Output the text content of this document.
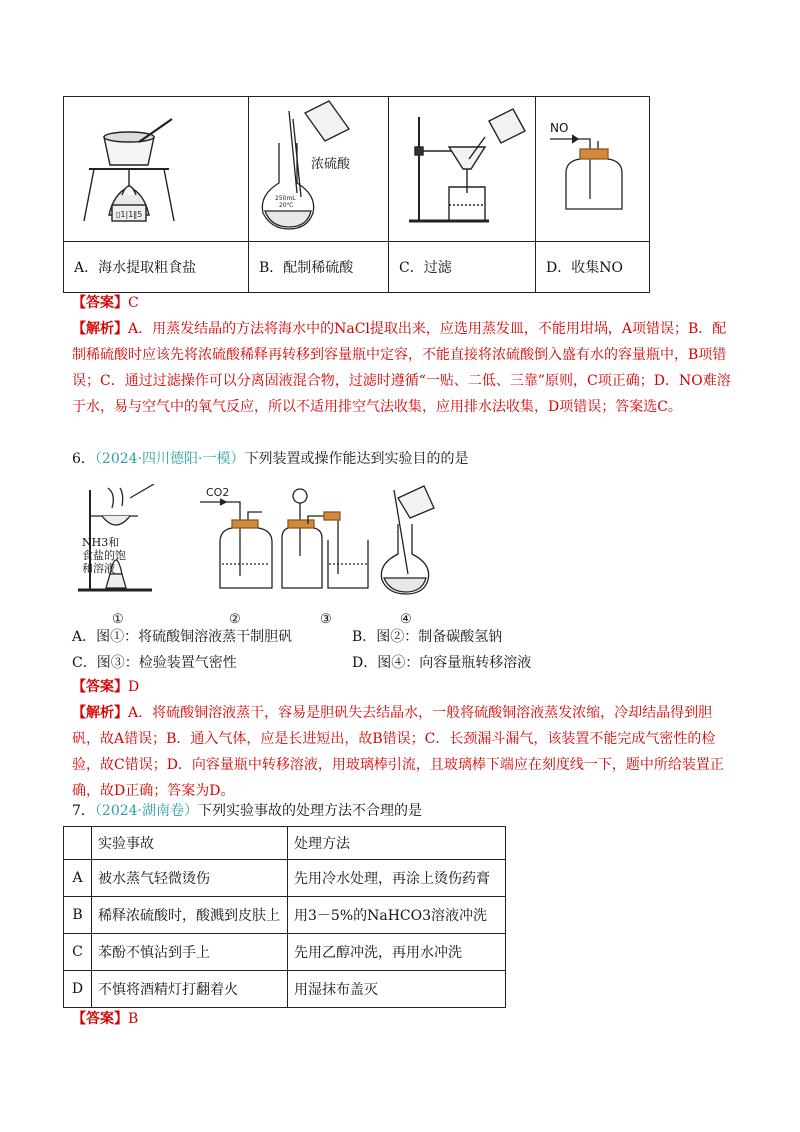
▯1|1‖5	250mL
20℃
浓硫酸		NO

A．海水提取粗食盐	B．配制稀硫酸	C．过滤	D．收集NO
【答案】C
【解析】A．用蒸发结晶的方法将海水中的NaCl提取出来，应选用蒸发皿，不能用坩埚，A项错误；B．配制稀硫酸时应该先将浓硫酸稀释再转移到容量瓶中定容，不能直接将浓硫酸倒入盛有水的容量瓶中，B项错误；C．通过过滤操作可以分离固液混合物，过滤时遵循“一贴、二低、三靠”原则，C项正确；D．NO难溶于水，易与空气中的氧气反应，所以不适用排空气法收集，应用排水法收集，D项错误；答案选C。
6．（2024·四川德阳·一模）下列装置或操作能达到实验目的的是
CO2
NH3和
食盐的饱
和溶液
①	②	③	④
A．图①：将硫酸铜溶液蒸干制胆矾	B．图②：制备碳酸氢钠
C．图③：检验装置气密性	D．图④：向容量瓶转移溶液
【答案】D
【解析】A．将硫酸铜溶液蒸干，容易是胆矾失去结晶水，一般将硫酸铜溶液蒸发浓缩，冷却结晶得到胆矾，故A错误；B．通入气体，应是长进短出，故B错误；C．长颈漏斗漏气，该装置不能完成气密性的检验，故C错误；D．向容量瓶中转移溶液，用玻璃棒引流，且玻璃棒下端应在刻度线一下，题中所给装置正确，故D正确；答案为D。
7．（2024·湖南卷）下列实验事故的处理方法不合理的是
	实验事故	处理方法
A	被水蒸气轻微烫伤	先用冷水处理，再涂上烫伤药膏
B	稀释浓硫酸时，酸溅到皮肤上	用3－5%的NaHCO3溶液冲洗
C	苯酚不慎沾到手上	先用乙醇冲洗，再用水冲洗
D	不慎将酒精灯打翻着火	用湿抹布盖灭
【答案】B
